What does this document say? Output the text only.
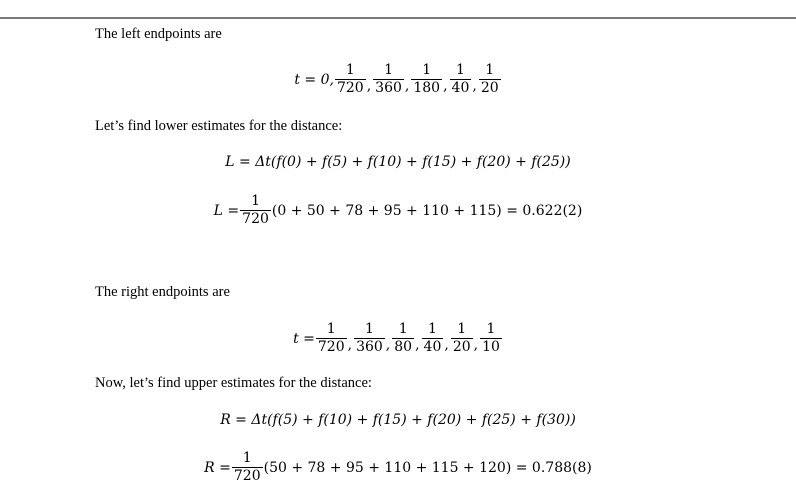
The left endpoints are
t = 0, $\frac{1}{720}$ , $\frac{1}{360}$ , $\frac{1}{180}$ , $\frac{1}{40}$ , $\frac{1}{20}$
Let’s find lower estimates for the distance:
L = Δt(f(0) + f(5) + f(10) + f(15) + f(20) + f(25))
$L = \frac{1}{720} (0 + 50 + 78 + 95 + 110 + 115) = 0.622(2)$
The right endpoints are
$t = \frac{1}{720}$ , $\frac{1}{360}$ , $\frac{1}{80}$ , $\frac{1}{40}$ , $\frac{1}{20}$ , $\frac{1}{10}$
Now, let’s find upper estimates for the distance:
R = Δt(f(5) + f(10) + f(15) + f(20) + f(25) + f(30))
$R = \frac{1}{720} (50 + 78 + 95 + 110 + 115 + 120) = 0.788(8)$
